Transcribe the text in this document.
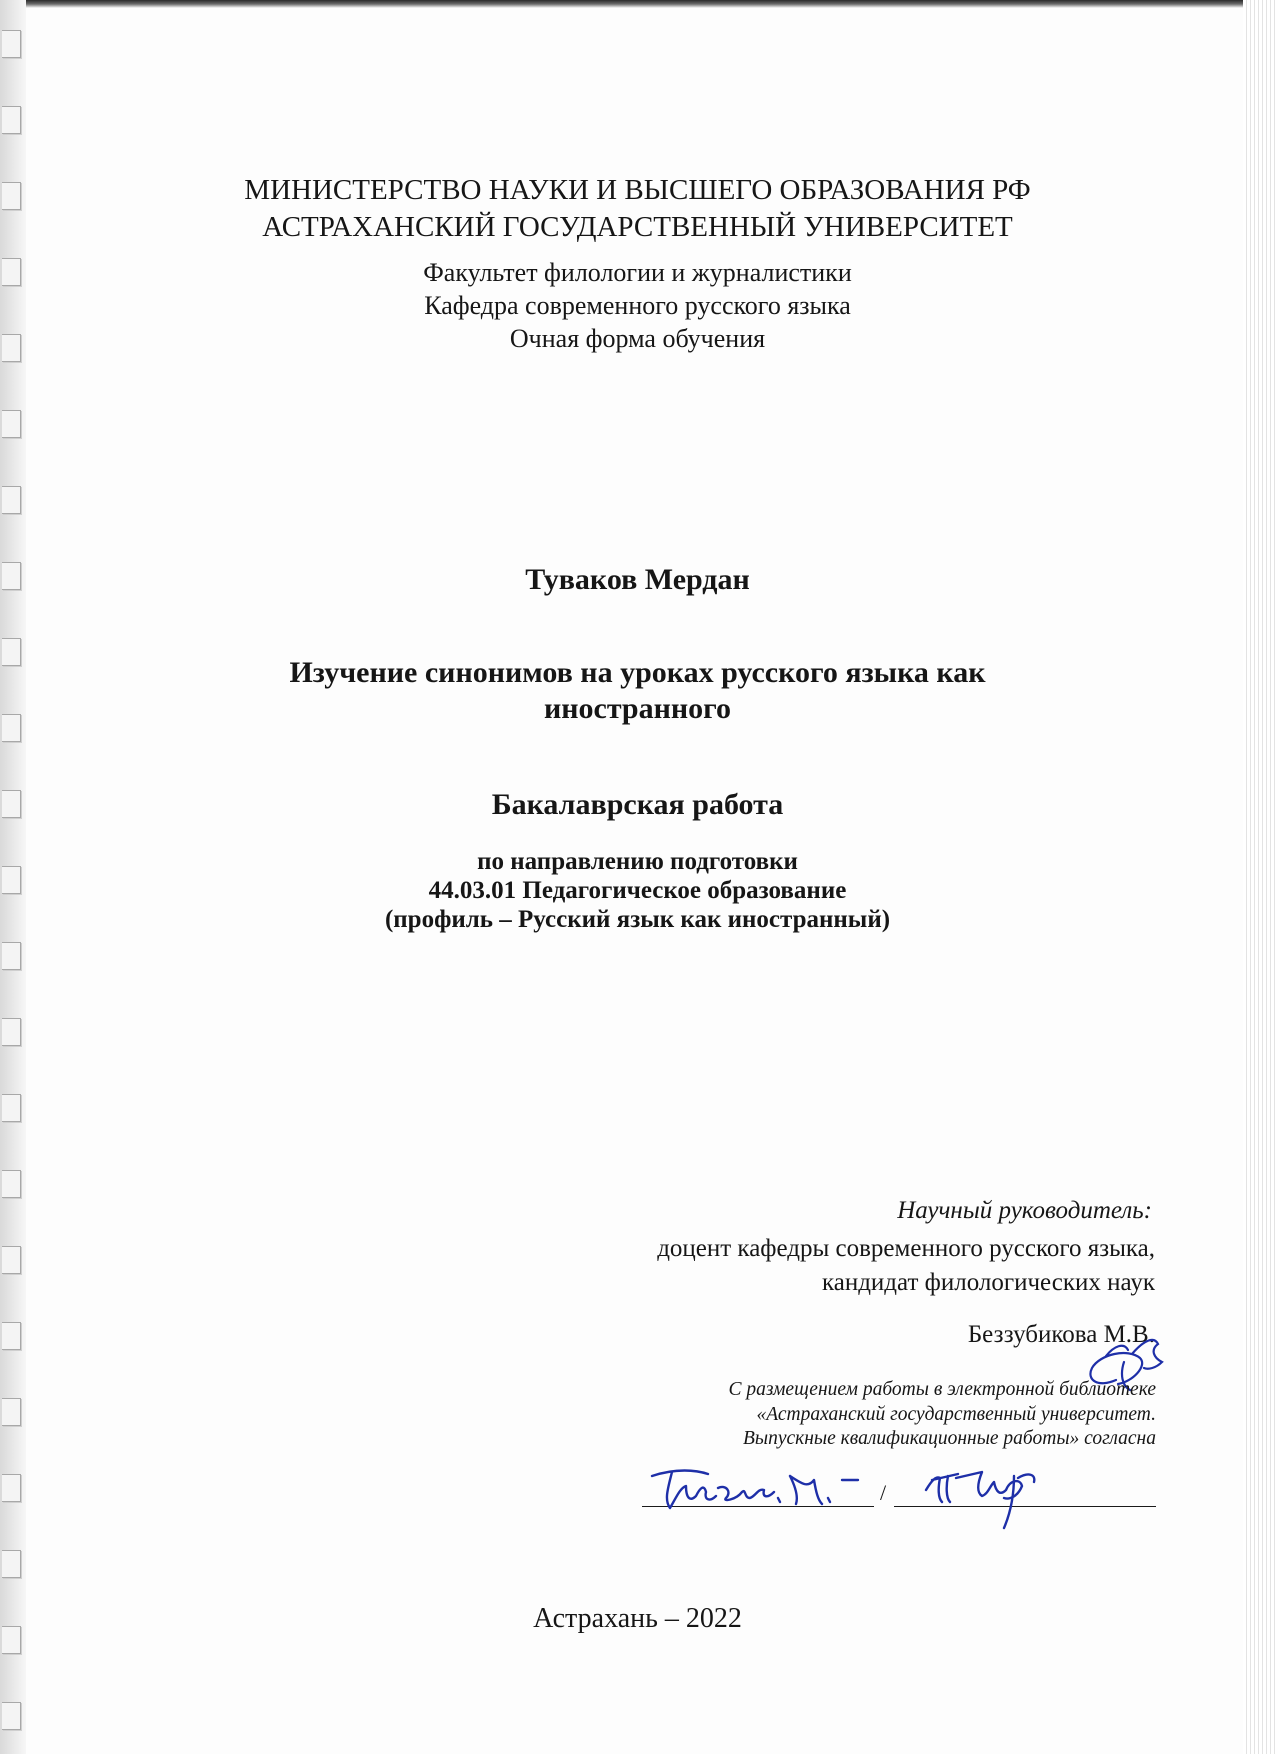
МИНИСТЕРСТВО НАУКИ И ВЫСШЕГО ОБРАЗОВАНИЯ РФ
АСТРАХАНСКИЙ ГОСУДАРСТВЕННЫЙ УНИВЕРСИТЕТ
Факультет филологии и журналистики
Кафедра современного русского языка
Очная форма обучения
Туваков Мердан
Изучение синонимов на уроках русского языка как
иностранного
Бакалаврская работа
по направлению подготовки
44.03.01 Педагогическое образование
(профиль – Русский язык как иностранный)
Научный руководитель:
доцент кафедры современного русского языка,
кандидат филологических наук
Беззубикова М.В.
С размещением работы в электронной библиотеке
«Астраханский государственный университет.
Выпускные квалификационные работы» согласна
/
Астрахань – 2022
